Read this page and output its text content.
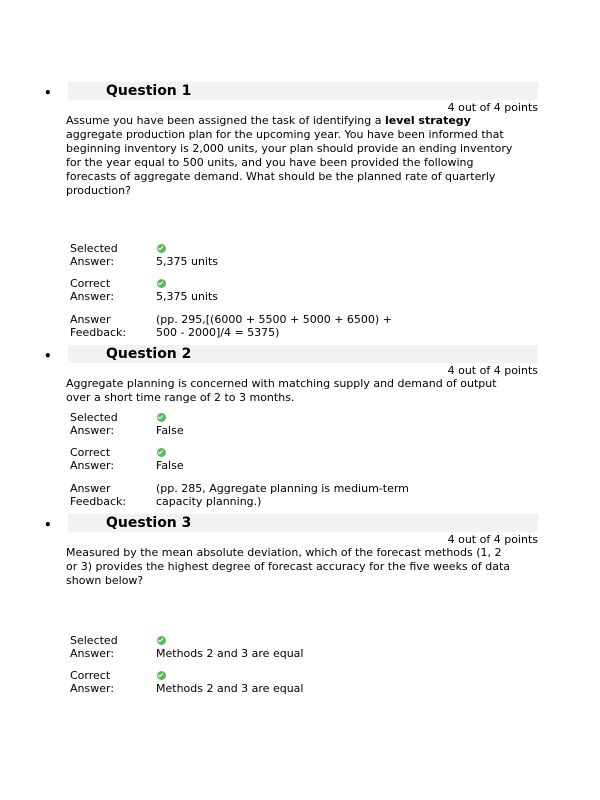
•	Question 1
4 out of 4 points
Assume you have been assigned the task of identifying a level strategy aggregate production plan for the upcoming year. You have been informed that beginning inventory is 2,000 units, your plan should provide an ending inventory for the year equal to 500 units, and you have been provided the following forecasts of aggregate demand. What should be the planned rate of quarterly production?
Selected
Answer:	5,375 units
Correct
Answer:	5,375 units
Answer
Feedback:
(pp. 295,[(6000 + 5500 + 5000 + 6500) + 500 - 2000]/4 = 5375)
•	Question 2
4 out of 4 points
Aggregate planning is concerned with matching supply and demand of output over a short time range of 2 to 3 months.
Selected
Answer:	False
Correct
Answer:	False
Answer
Feedback:
(pp. 285, Aggregate planning is medium-term capacity planning.)
•	Question 3
4 out of 4 points
Measured by the mean absolute deviation, which of the forecast methods (1, 2 or 3) provides the highest degree of forecast accuracy for the five weeks of data shown below?
Selected
Answer:	Methods 2 and 3 are equal
Correct
Answer:	Methods 2 and 3 are equal
